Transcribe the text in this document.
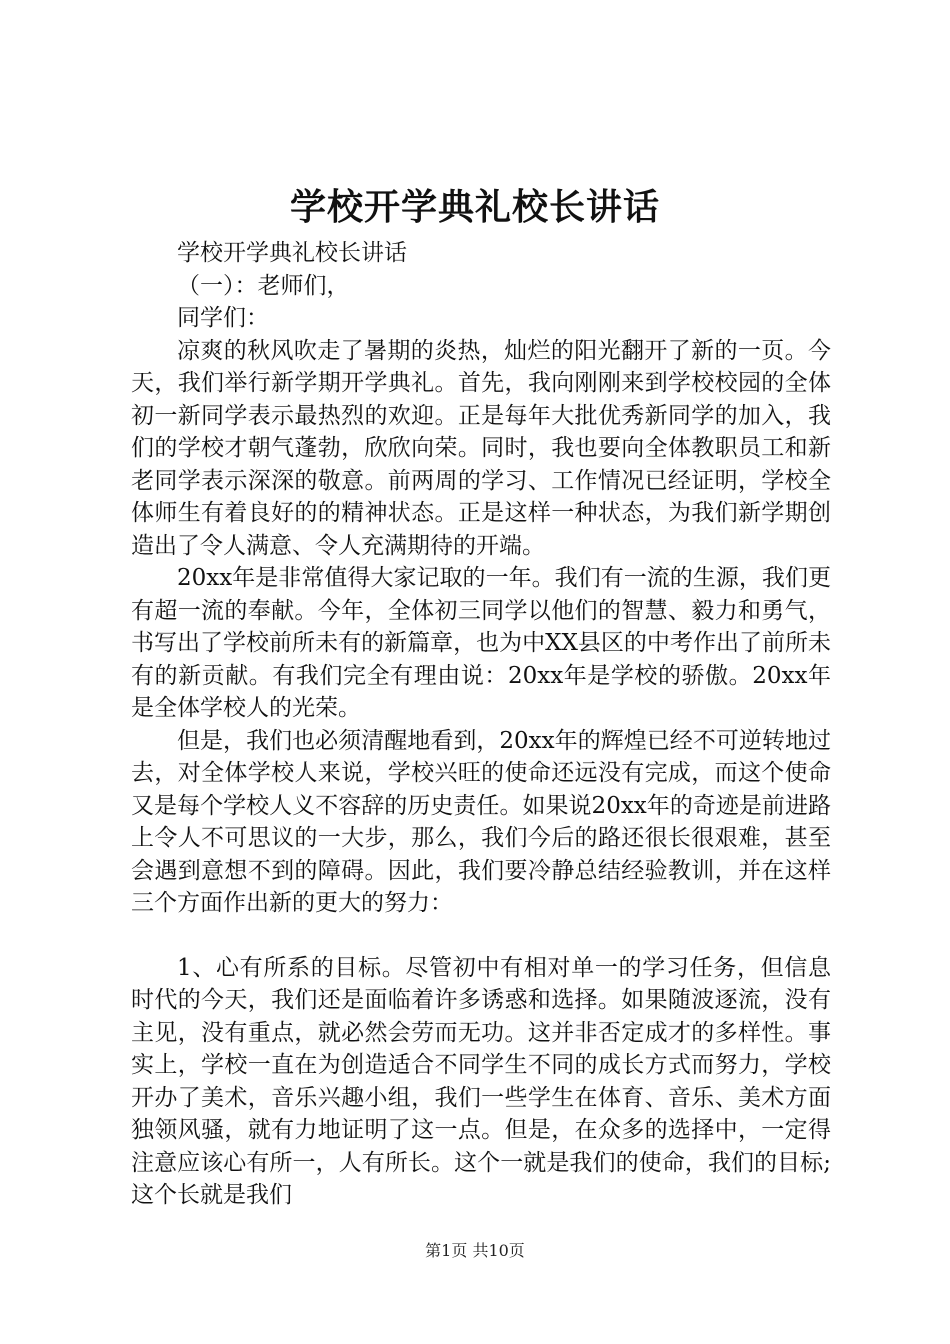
学校开学典礼校长讲话

学校开学典礼校长讲话

（一）：老师们，

同学们：

凉爽的秋风吹走了暑期的炎热，灿烂的阳光翻开了新的一页。今天，我们举行新学期开学典礼。首先，我向刚刚来到学校校园的全体初一新同学表示最热烈的欢迎。正是每年大批优秀新同学的加入，我们的学校才朝气蓬勃，欣欣向荣。同时，我也要向全体教职员工和新老同学表示深深的敬意。前两周的学习、工作情况已经证明，学校全体师生有着良好的的精神状态。正是这样一种状态，为我们新学期创造出了令人满意、令人充满期待的开端。

20xx年是非常值得大家记取的一年。我们有一流的生源，我们更有超一流的奉献。今年，全体初三同学以他们的智慧、毅力和勇气，书写出了学校前所未有的新篇章，也为中XX县区的中考作出了前所未有的新贡献。有我们完全有理由说：20xx年是学校的骄傲。20xx年是全体学校人的光荣。

但是，我们也必须清醒地看到，20xx年的辉煌已经不可逆转地过去，对全体学校人来说，学校兴旺的使命还远没有完成，而这个使命又是每个学校人义不容辞的历史责任。如果说20xx年的奇迹是前进路上令人不可思议的一大步，那么，我们今后的路还很长很艰难，甚至会遇到意想不到的障碍。因此，我们要冷静总结经验教训，并在这样三个方面作出新的更大的努力：

1、心有所系的目标。尽管初中有相对单一的学习任务，但信息时代的今天，我们还是面临着许多诱惑和选择。如果随波逐流，没有主见，没有重点，就必然会劳而无功。这并非否定成才的多样性。事实上，学校一直在为创造适合不同学生不同的成长方式而努力，学校开办了美术，音乐兴趣小组，我们一些学生在体育、音乐、美术方面独领风骚，就有力地证明了这一点。但是，在众多的选择中，一定得注意应该心有所一，人有所长。这个一就是我们的使命，我们的目标;这个长就是我们

第1页 共10页
